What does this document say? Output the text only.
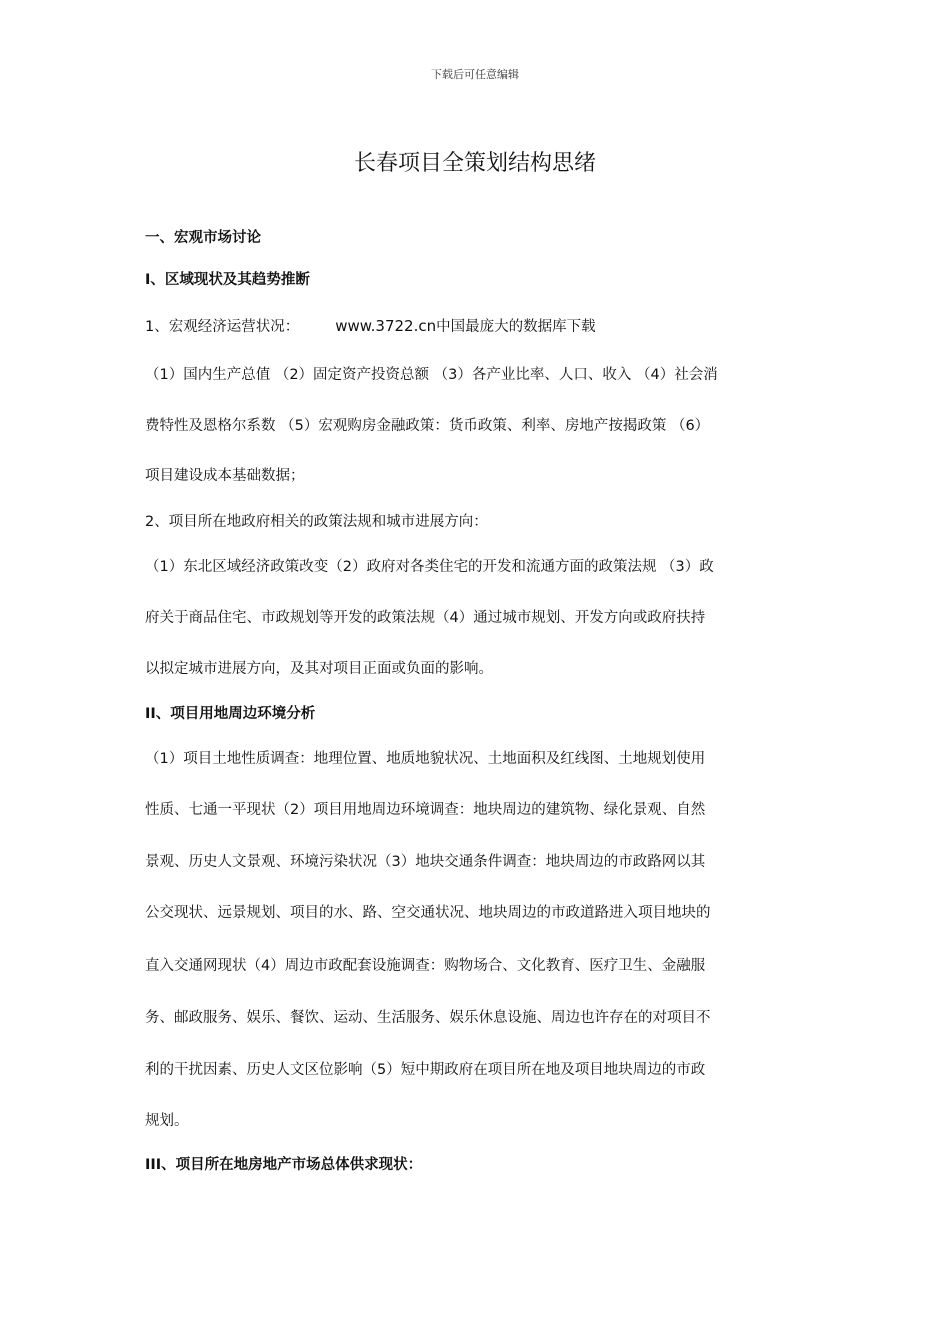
下载后可任意编辑
长春项目全策划结构思绪
一、宏观市场讨论
I、区域现状及其趋势推断
1、宏观经济运营状况： www.3722.cn中国最庞大的数据库下载
（1）国内生产总值 （2）固定资产投资总额 （3）各产业比率、人口、收入 （4）社会消
费特性及恩格尔系数 （5）宏观购房金融政策：货币政策、利率、房地产按揭政策 （6）
项目建设成本基础数据；
2、项目所在地政府相关的政策法规和城市进展方向：
（1）东北区域经济政策改变（2）政府对各类住宅的开发和流通方面的政策法规 （3）政
府关于商品住宅、市政规划等开发的政策法规（4）通过城市规划、开发方向或政府扶持
以拟定城市进展方向，及其对项目正面或负面的影响。
II、项目用地周边环境分析
（1）项目土地性质调查：地理位置、地质地貌状况、土地面积及红线图、土地规划使用
性质、七通一平现状（2）项目用地周边环境调查：地块周边的建筑物、绿化景观、自然
景观、历史人文景观、环境污染状况（3）地块交通条件调查：地块周边的市政路网以其
公交现状、远景规划、项目的水、路、空交通状况、地块周边的市政道路进入项目地块的
直入交通网现状（4）周边市政配套设施调查：购物场合、文化教育、医疗卫生、金融服
务、邮政服务、娱乐、餐饮、运动、生活服务、娱乐休息设施、周边也许存在的对项目不
利的干扰因素、历史人文区位影响（5）短中期政府在项目所在地及项目地块周边的市政
规划。
III、项目所在地房地产市场总体供求现状：
